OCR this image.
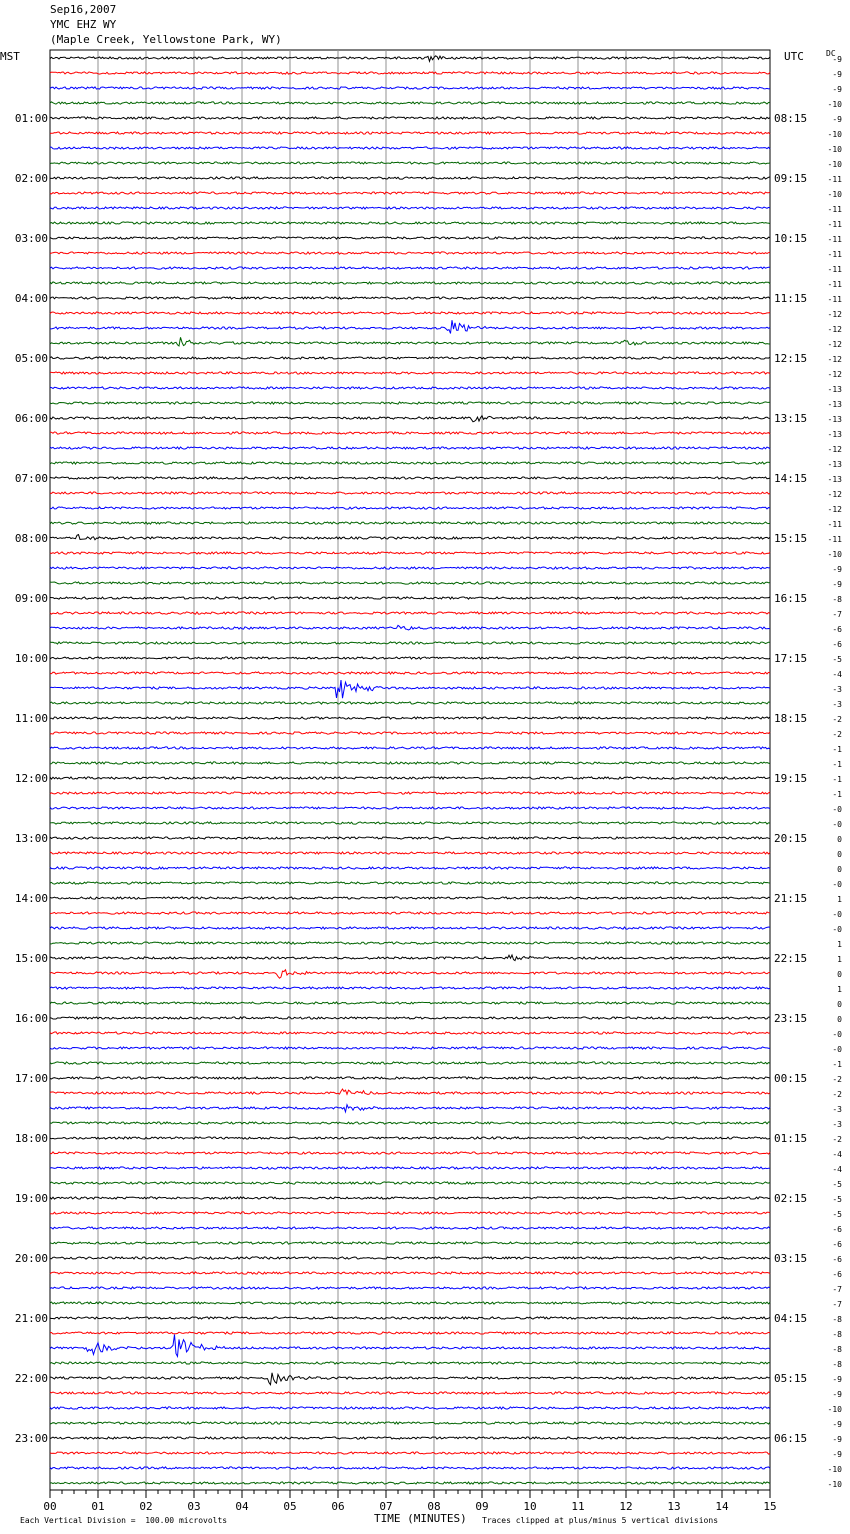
Sep16,2007
YMC EHZ WY
(Maple Creek, Yellowstone Park, WY)
-9
-9
-9
-10
-9
-10
-10
-10
-11
-10
-11
-11
-11
-11
-11
-11
-11
-12
-12
-12
-12
-12
-13
-13
-13
-13
-12
-13
-13
-12
-12
-11
-11
-10
-9
-9
-8
-7
-6
-6
-5
-4
-3
-3
-2
-2
-1
-1
-1
-1
-0
-0
0
0
0
-0
1
-0
-0
1
1
0
1
0
0
-0
-0
-1
-2
-2
-3
-3
-2
-4
-4
-5
-5
-5
-6
-6
-6
-6
-7
-7
-8
-8
-8
-8
-9
-9
-10
-9
-9
-9
-10
-10
DC
MST	UTC
01:00
02:00
03:00
04:00
05:00
06:00
07:00
08:00
09:00
10:00
11:00
12:00
13:00
14:00
15:00
16:00
17:00
18:00
19:00
20:00
21:00
22:00
23:00
08:15
09:15
10:15
11:15
12:15
13:15
14:15
15:15
16:15
17:15
18:15
19:15
20:15
21:15
22:15
23:15
00:15
01:15
02:15
03:15
04:15
05:15
06:15
00	01	02	03	04	05	06	07	08	09	10	11	12	13	14	15
TIME (MINUTES)
Each Vertical Division =  100.00 microvolts	Traces clipped at plus/minus 5 vertical divisions
